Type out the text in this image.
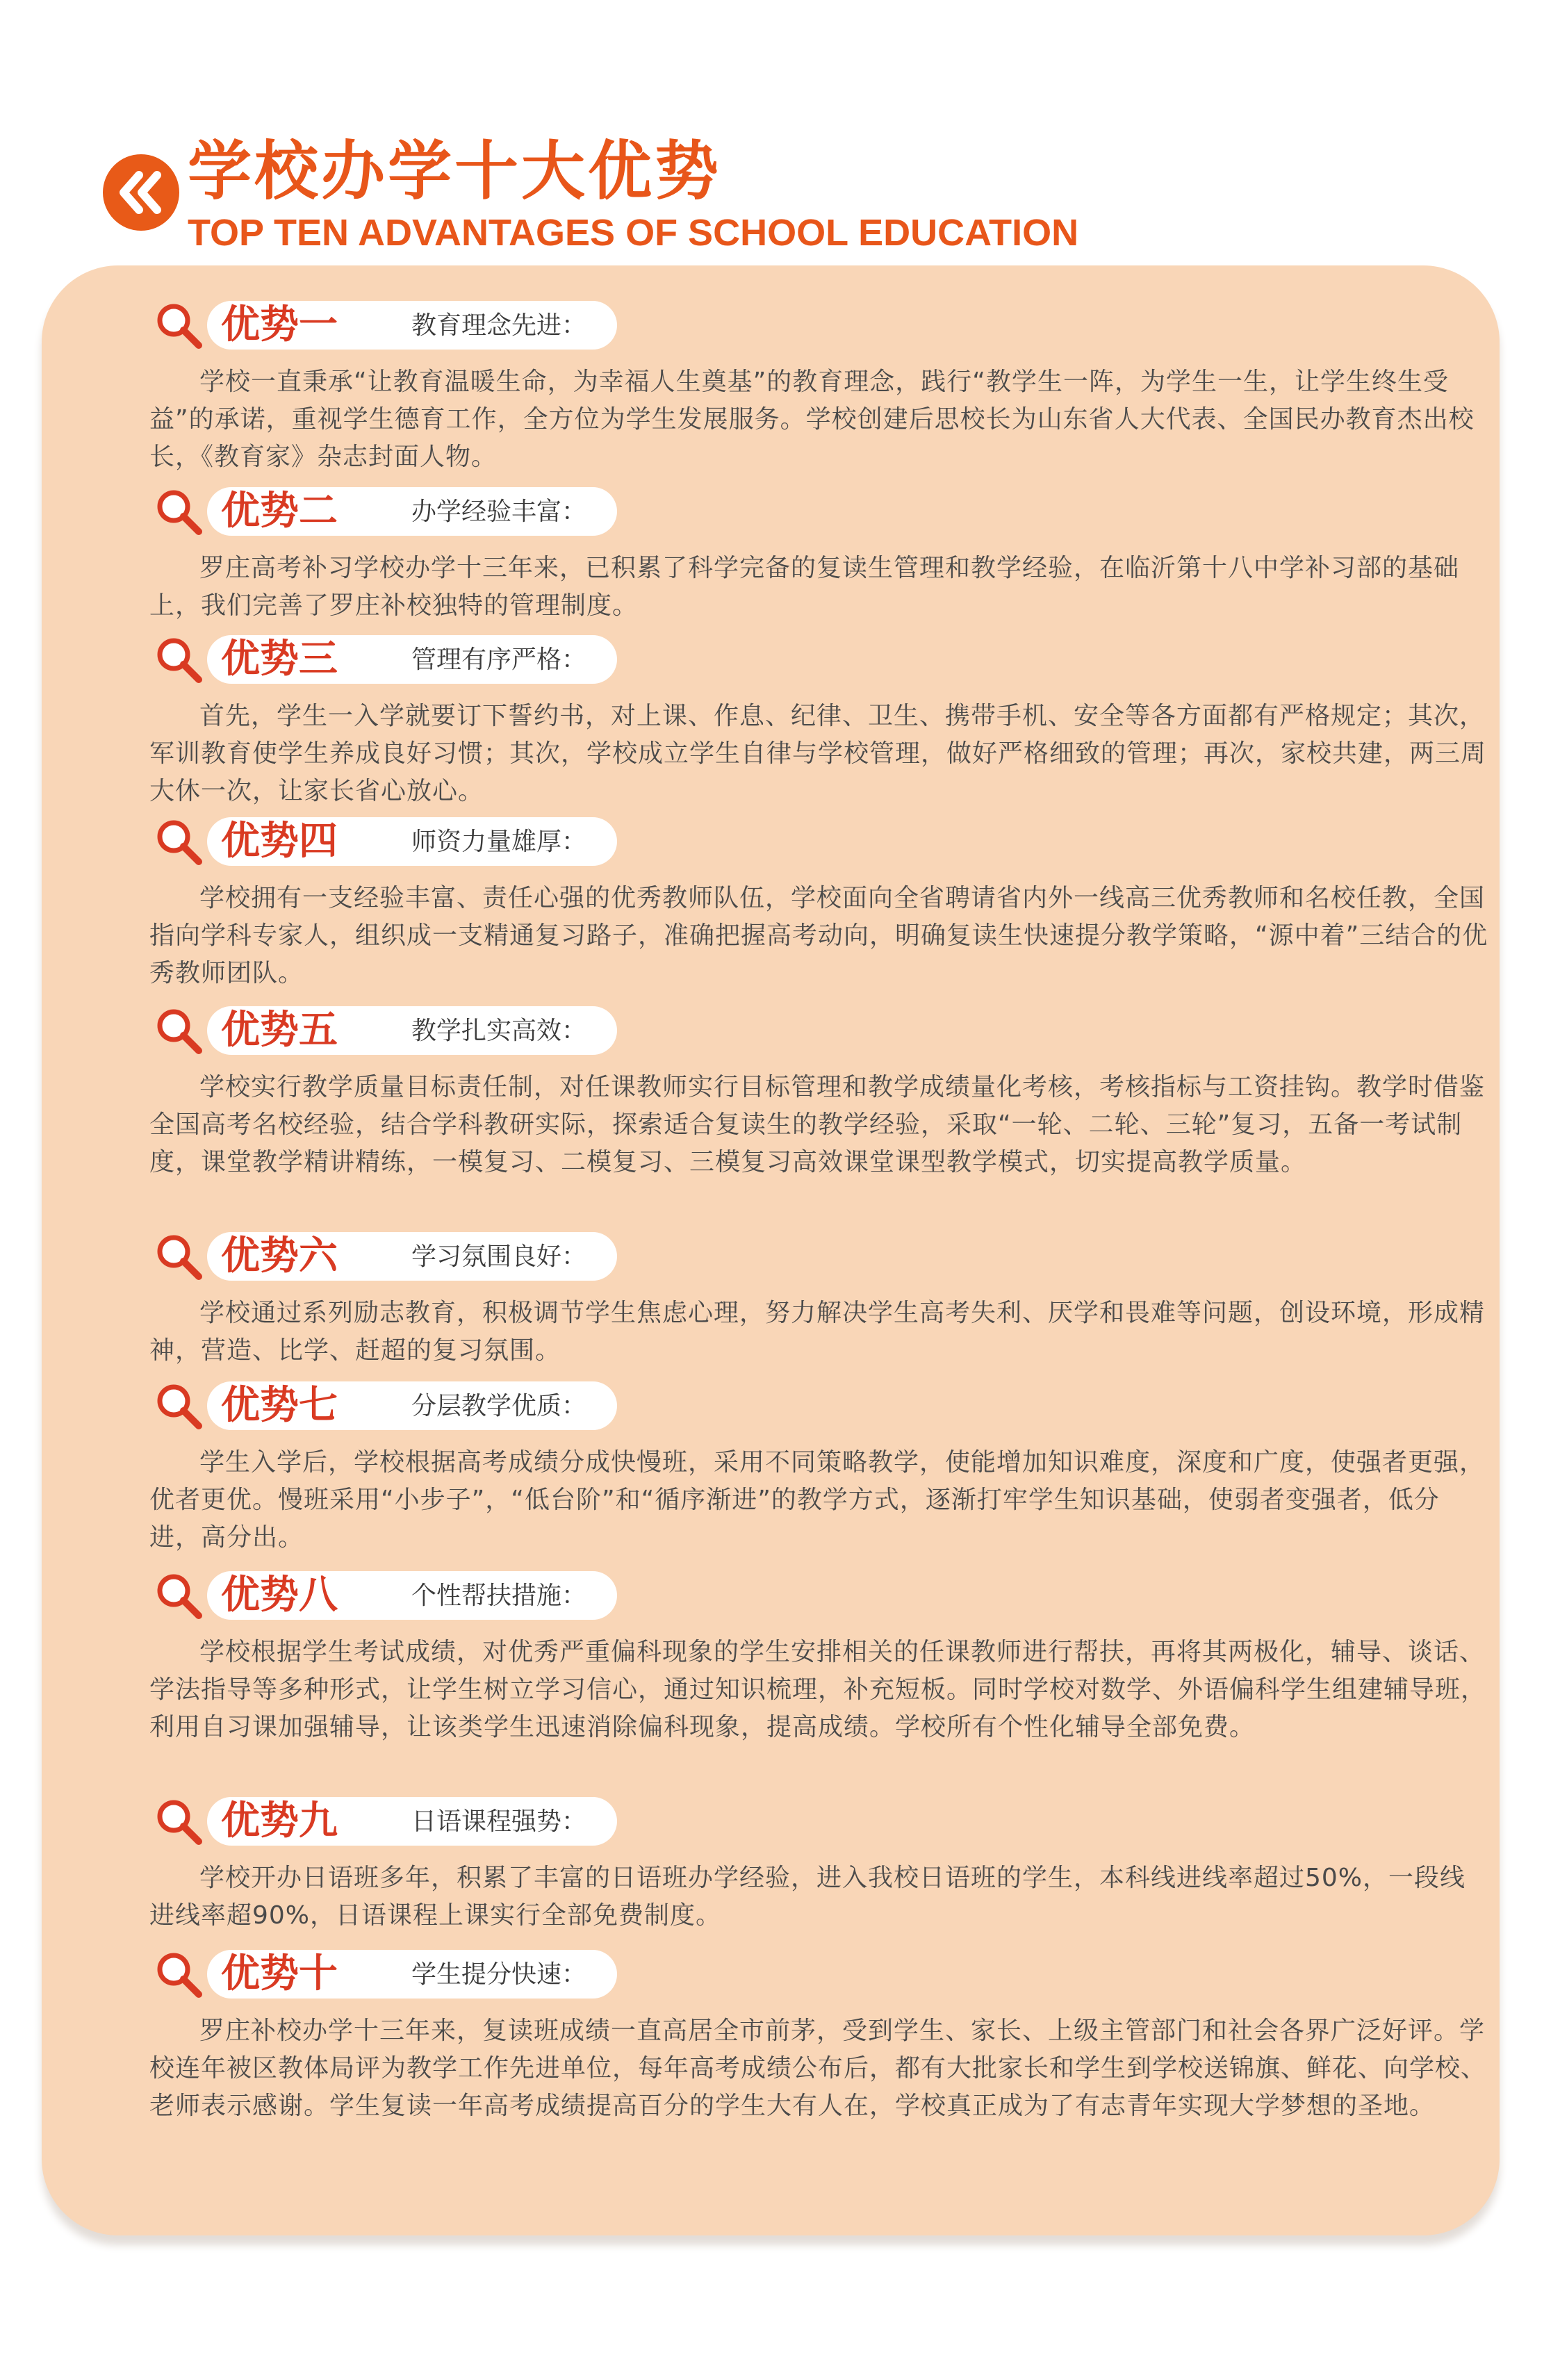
学校办学十大优势
TOP TEN ADVANTAGES OF SCHOOL EDUCATION
优势一	教育理念先进：
学校一直秉承“让教育温暖生命，为幸福人生奠基”的教育理念，践行“教学生一阵，为学生一生，让学生终生受益”的承诺，重视学生德育工作，全方位为学生发展服务。学校创建后思校长为山东省人大代表、全国民办教育杰出校长，《教育家》杂志封面人物。
优势二	办学经验丰富：
罗庄高考补习学校办学十三年来，已积累了科学完备的复读生管理和教学经验，在临沂第十八中学补习部的基础上，我们完善了罗庄补校独特的管理制度。
优势三	管理有序严格：
首先，学生一入学就要订下誓约书，对上课、作息、纪律、卫生、携带手机、安全等各方面都有严格规定；其次，军训教育使学生养成良好习惯；其次，学校成立学生自律与学校管理，做好严格细致的管理；再次，家校共建，两三周大休一次，让家长省心放心。
优势四	师资力量雄厚：
学校拥有一支经验丰富、责任心强的优秀教师队伍，学校面向全省聘请省内外一线高三优秀教师和名校任教，全国指向学科专家人，组织成一支精通复习路子，准确把握高考动向，明确复读生快速提分教学策略，“源中着”三结合的优秀教师团队。
优势五	教学扎实高效：
学校实行教学质量目标责任制，对任课教师实行目标管理和教学成绩量化考核，考核指标与工资挂钩。教学时借鉴全国高考名校经验，结合学科教研实际，探索适合复读生的教学经验，采取“一轮、二轮、三轮”复习，五备一考试制度，课堂教学精讲精练，一模复习、二模复习、三模复习高效课堂课型教学模式，切实提高教学质量。
优势六	学习氛围良好：
学校通过系列励志教育，积极调节学生焦虑心理，努力解决学生高考失利、厌学和畏难等问题，创设环境，形成精神，营造、比学、赶超的复习氛围。
优势七	分层教学优质：
学生入学后，学校根据高考成绩分成快慢班，采用不同策略教学，使能增加知识难度，深度和广度，使强者更强，优者更优。慢班采用“小步子”，“低台阶”和“循序渐进”的教学方式，逐渐打牢学生知识基础，使弱者变强者，低分进，高分出。
优势八	个性帮扶措施：
学校根据学生考试成绩，对优秀严重偏科现象的学生安排相关的任课教师进行帮扶，再将其两极化，辅导、谈话、学法指导等多种形式，让学生树立学习信心，通过知识梳理，补充短板。同时学校对数学、外语偏科学生组建辅导班，利用自习课加强辅导，让该类学生迅速消除偏科现象，提高成绩。学校所有个性化辅导全部免费。
优势九	日语课程强势：
学校开办日语班多年，积累了丰富的日语班办学经验，进入我校日语班的学生，本科线进线率超过50%，一段线进线率超90%，日语课程上课实行全部免费制度。
优势十	学生提分快速：
罗庄补校办学十三年来，复读班成绩一直高居全市前茅，受到学生、家长、上级主管部门和社会各界广泛好评。学校连年被区教体局评为教学工作先进单位，每年高考成绩公布后，都有大批家长和学生到学校送锦旗、鲜花、向学校、老师表示感谢。学生复读一年高考成绩提高百分的学生大有人在，学校真正成为了有志青年实现大学梦想的圣地。
